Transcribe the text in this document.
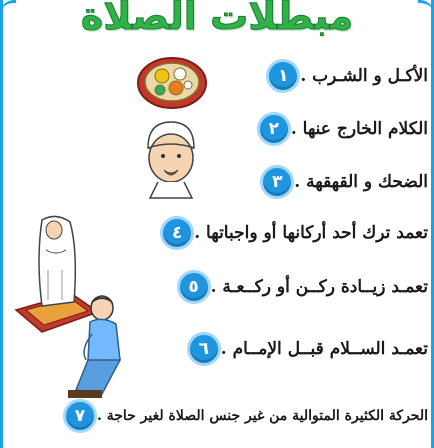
مبطلات الصلاة
١ الأكـل و الشـرب .
٢ الكلام الخارج عنها .
٣ الضحك و القهقهة .
٤ تعمد ترك أحد أركانها أو واجباتها .
٥ تعمـد زيــادة ركــن أو ركــعـة .
٦ تعمـد الســلام قبــل الإمــام .
٧ الحركة الكثيرة المتوالية من غير جنس الصلاة لغير حاجة .
